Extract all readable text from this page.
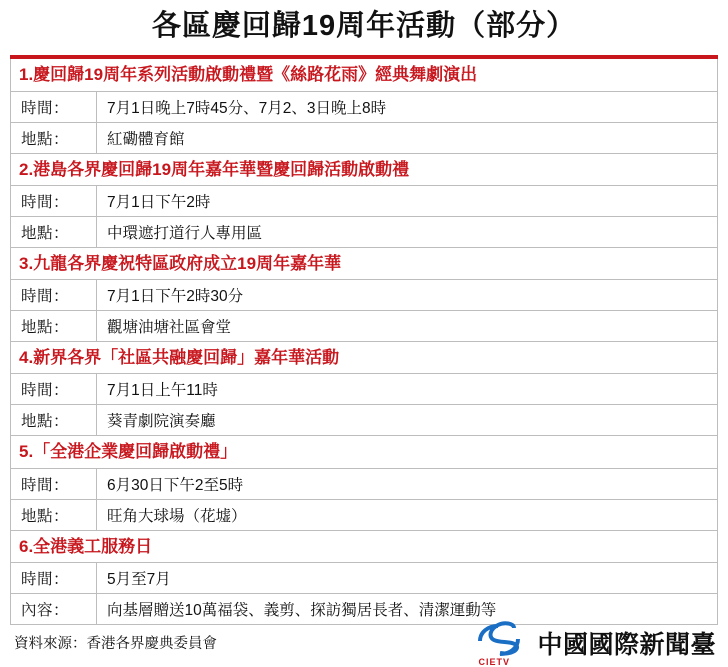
各區慶回歸19周年活動（部分）
1.慶回歸19周年系列活動啟動禮暨《絲路花雨》經典舞劇演出
時間：	7月1日晚上7時45分、7月2、3日晚上8時
地點：	紅磡體育館
2.港島各界慶回歸19周年嘉年華暨慶回歸活動啟動禮
時間：	7月1日下午2時
地點：	中環遮打道行人專用區
3.九龍各界慶祝特區政府成立19周年嘉年華
時間：	7月1日下午2時30分
地點：	觀塘油塘社區會堂
4.新界各界「社區共融慶回歸」嘉年華活動
時間：	7月1日上午11時
地點：	葵青劇院演奏廳
5.「全港企業慶回歸啟動禮」
時間：	6月30日下午2至5時
地點：	旺角大球場（花墟）
6.全港義工服務日
時間：	5月至7月
內容：	向基層贈送10萬福袋、義剪、探訪獨居長者、清潔運動等
資料來源：香港各界慶典委員會
CIETV
中國國際新聞臺
